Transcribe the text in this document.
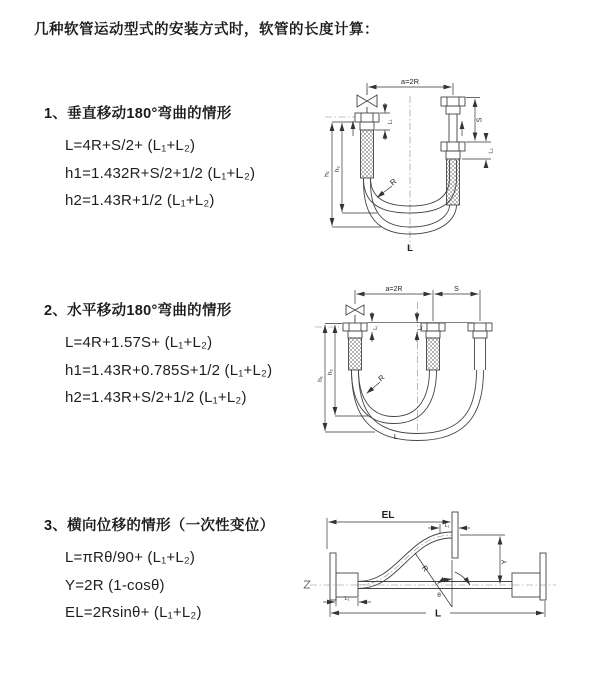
几种软管运动型式的安装方式时，软管的长度计算：
1、垂直移动180°弯曲的情形
L=4R+S/2+ (L₁+L₂)
h1=1.432R+S/2+1/2 (L₁+L₂)
h2=1.43R+1/2 (L₁+L₂)
2、水平移动180°弯曲的情形
L=4R+1.57S+ (L₁+L₂)
h1=1.43R+0.785S+1/2 (L₁+L₂)
h2=1.43R+S/2+1/2 (L₁+L₂)
3、横向位移的情形（一次性变位）
L=πRθ/90+ (L₁+L₂)
Y=2R (1-cosθ)
EL=2Rsinθ+ (L₁+L₂)
a=2R
h₁
h₂
L₁	S
L₂
R
L
a=2R	S
h₁
h₂
L₁	L₂
R
L
EL
L₁
Y
R
θ
L
L₁
